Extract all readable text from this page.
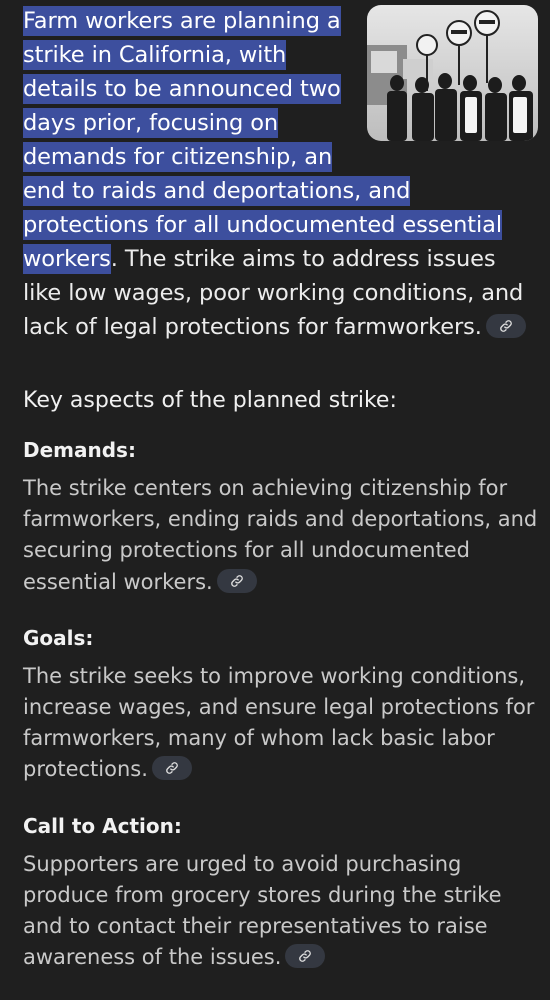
Farm workers are planning a strike in California, with details to be announced two days prior, focusing on demands for citizenship, an end to raids and deportations, and protections for all undocumented essential workers. The strike aims to address issues like low wages, poor working conditions, and lack of legal protections for farmworkers.

Key aspects of the planned strike:
Demands:

The strike centers on achieving citizenship for farmworkers, ending raids and deportations, and securing protections for all undocumented essential workers.

Goals:

The strike seeks to improve working conditions, increase wages, and ensure legal protections for farmworkers, many of whom lack basic labor protections.

Call to Action:

Supporters are urged to avoid purchasing produce from grocery stores during the strike and to contact their representatives to raise awareness of the issues.
